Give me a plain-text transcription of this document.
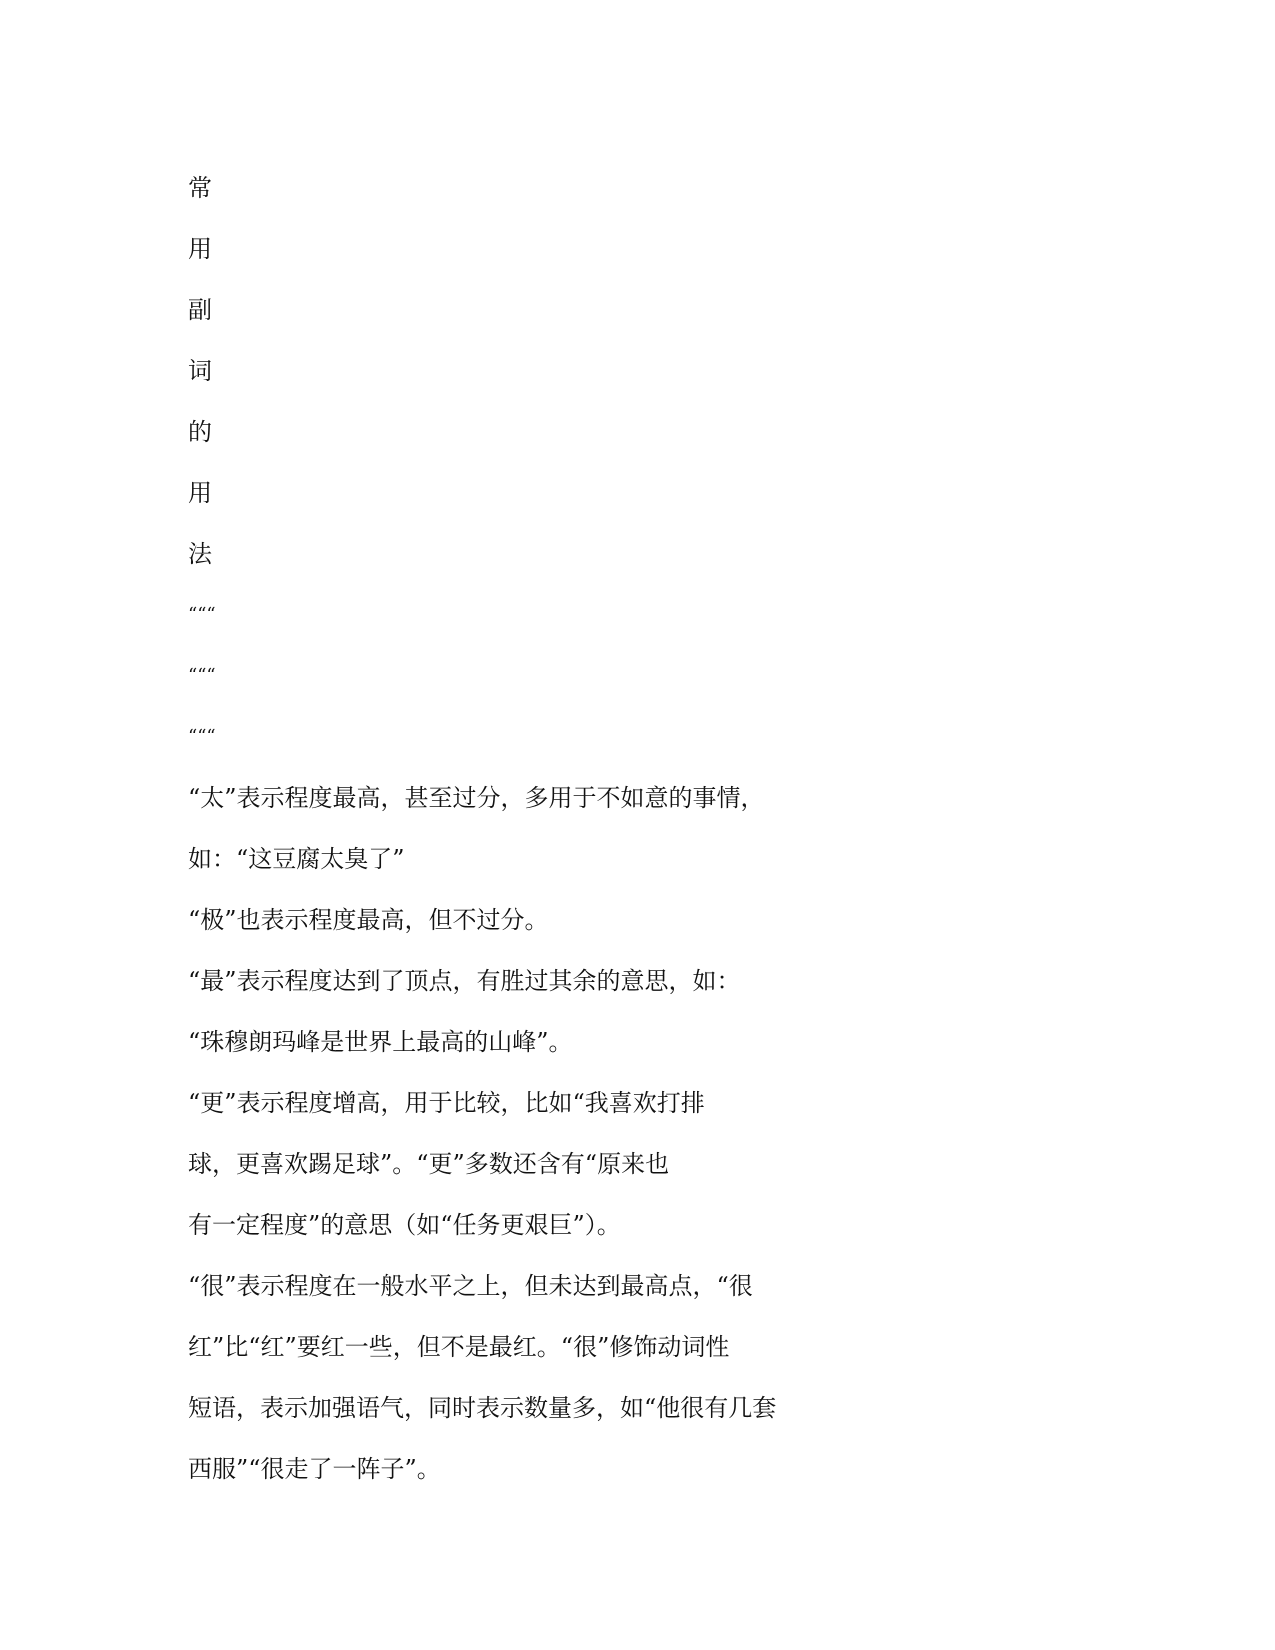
常
用
副
词
的
用
法
“““
“““
“““
“太”表示程度最高，甚至过分，多用于不如意的事情，
如：“这豆腐太臭了”
“极”也表示程度最高，但不过分。
“最”表示程度达到了顶点，有胜过其余的意思，如：
“珠穆朗玛峰是世界上最高的山峰”。
“更”表示程度增高，用于比较，比如“我喜欢打排
球，更喜欢踢足球”。“更”多数还含有“原来也
有一定程度”的意思（如“任务更艰巨”）。
“很”表示程度在一般水平之上，但未达到最高点，“很
红”比“红”要红一些，但不是最红。“很”修饰动词性
短语，表示加强语气，同时表示数量多，如“他很有几套
西服”“很走了一阵子”。
